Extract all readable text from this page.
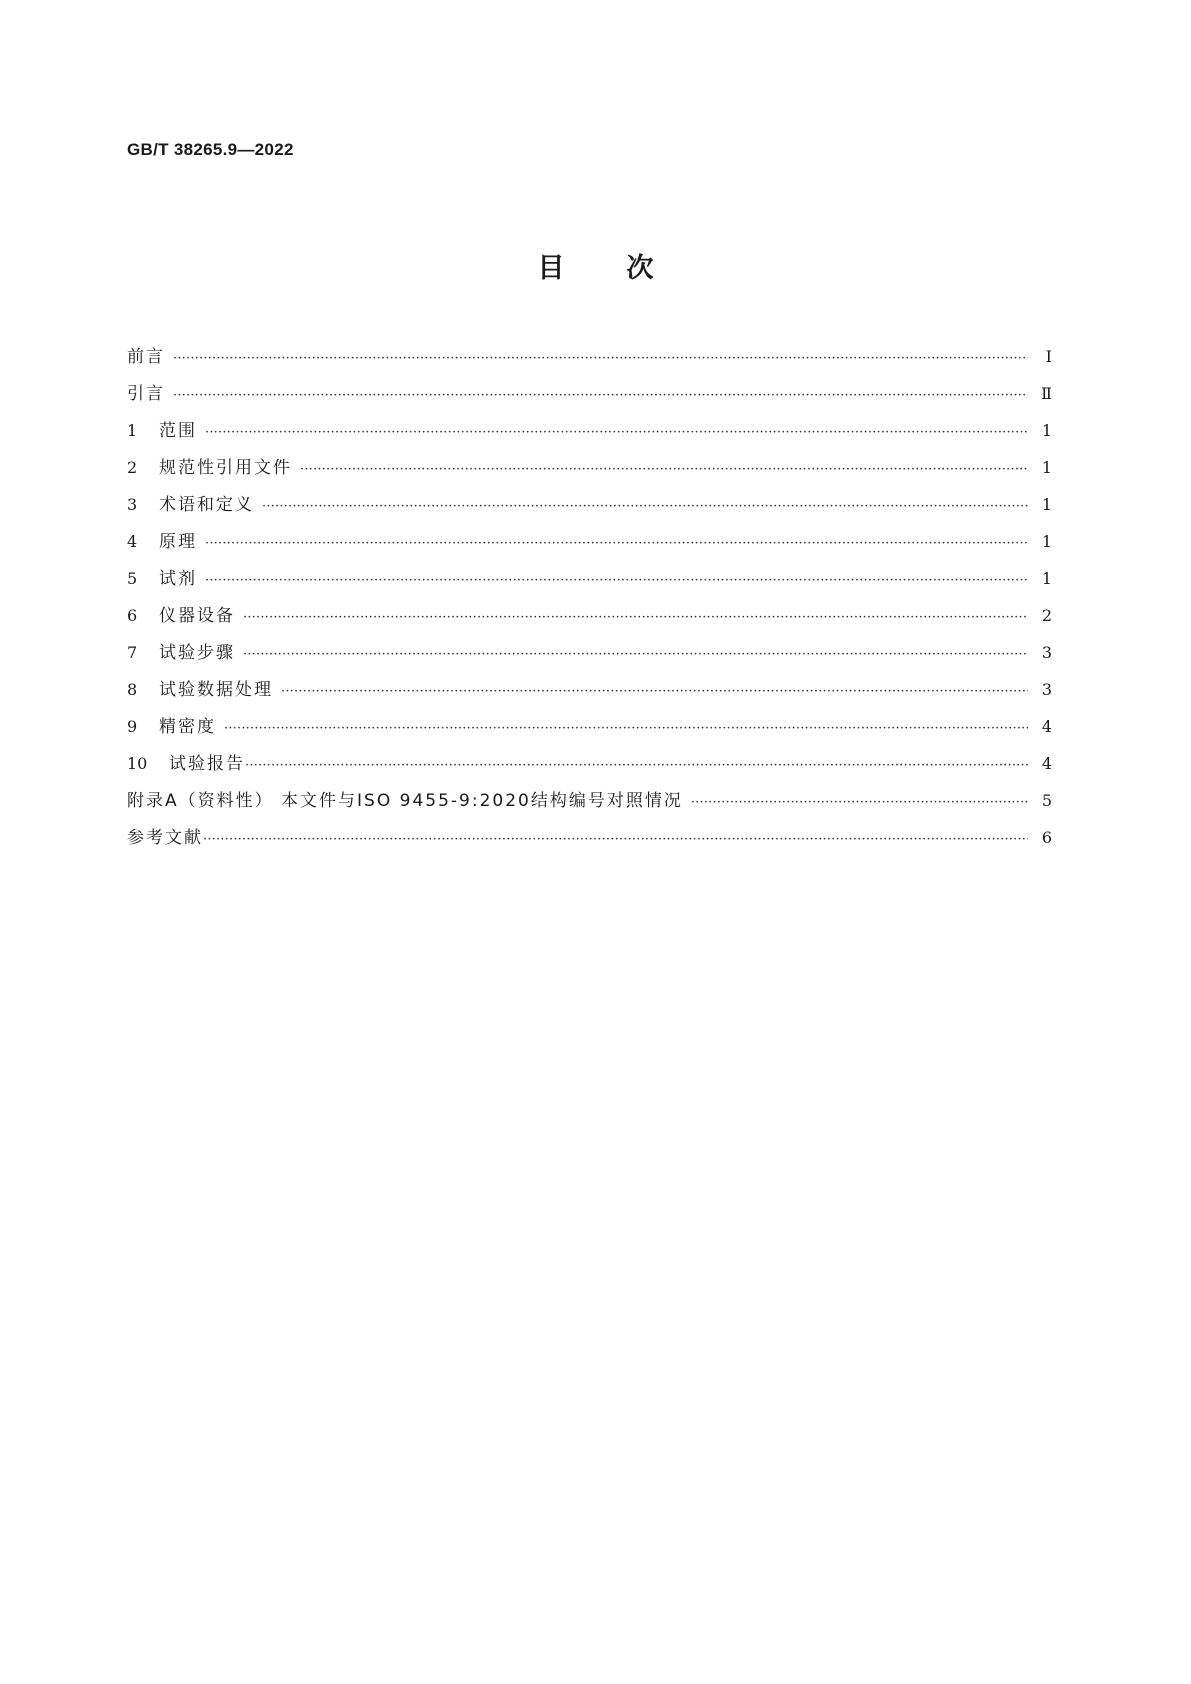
GB/T 38265.9—2022
目次
前言 ·····	Ⅰ
引言 ·····	Ⅱ
1	范围 ·····	1
2	规范性引用文件 ·····	1
3	术语和定义 ·····	1
4	原理 ·····	1
5	试剂 ·····	1
6	仪器设备 ·····	2
7	试验步骤 ·····	3
8	试验数据处理 ·····	3
9	精密度 ·····	4
10	试验报告 ·····	4
附录A（资料性） 本文件与ISO 9455-9:2020结构编号对照情况 ·····	5
参考文献 ·····	6
